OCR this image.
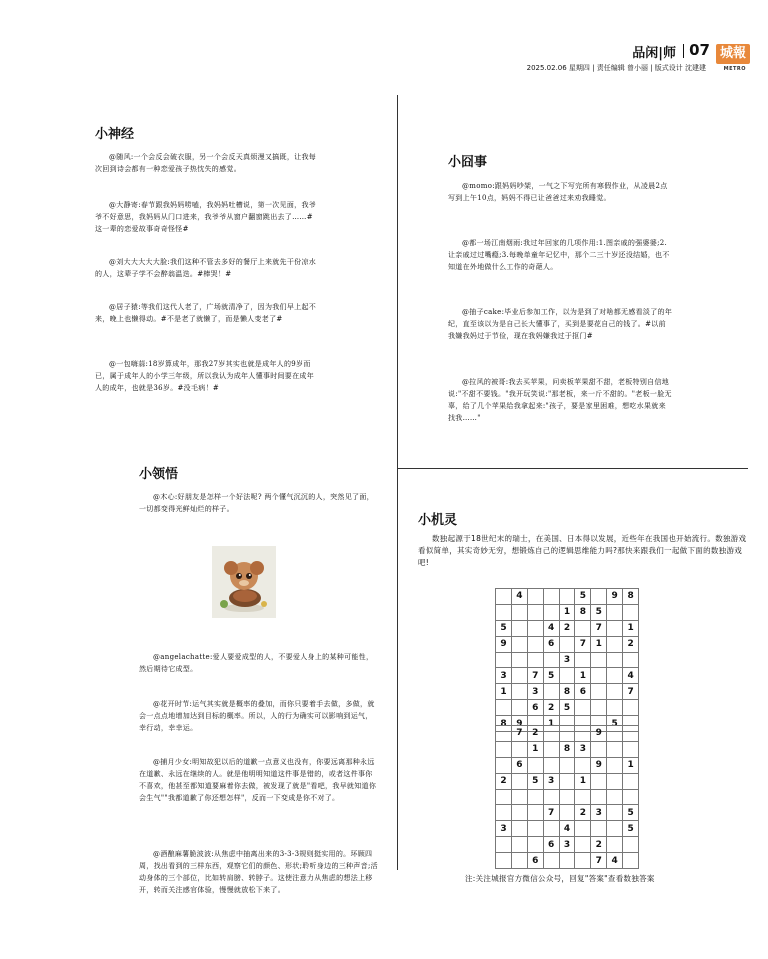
品闲|师 07 城報
METRO
2025.02.06 星期四 | 责任编辑 曾小丽 | 版式设计 沈建建
小神经
@随风:一个会反会破衣服，另一个会反天真烦漫又搞既，让我每次回到诗会都有一种恋爱孩子热忱失的感觉。
@大静寄:春节跟我妈妈唠嗑，我妈妈吐槽说，第一次见面，我爷爷不好意思，我妈妈从门口进来，我爷爷从窗户翻窗跳出去了……#这一辈的恋爱故事奇奇怪怪#
@刘大大大大大脸:我们这种不管去多好的餐厅上来就先干份凉水的人，这辈子学不会醉翁温迭。#棒哭！#
@居子猿:等我们这代人老了，广场就清净了，因为我们早上起不来，晚上也懒得动。#不是老了就懒了，而是懒人变老了#
@一包嗨蒜:18岁算成年，那我27岁其实也就是成年人的9岁而已，属于成年人的小学三年级，所以我认为成年人懂事时间要在成年人的成年，也就是36岁。#没毛病！#
小囧事
@momo:跟妈妈吵架，一气之下写完所有寒假作业，从凌晨2点写到上午10点，妈妈不得已让爸爸过来劝我睡觉。
@都一场江南烟雨:我过年回家的几项作用:1.图亲戚的强婆婆;2.让亲戚过过嘴瘾;3.每晚单童年记忆中，那个二三十岁还没结婚，也不知道在外地做什么工作的奇葩人。
@抽子cake:毕业后参加工作，以为是到了对啥都无感看淡了的年纪，直至该以为是自己长大懂事了，买到是要花自己的钱了。#以前我嫌我妈过于节俭，现在我妈嫌我过于抠门#
@拉风的被哥:我去买苹果，问卖板苹果甜不甜，老板特别自信地说:"不甜不要钱。"我开玩笑说:"那老板，来一斤不甜的。"老板一脸无辜，给了几个苹果给我拿起来:"孩子，要是家里困难，想吃水果就来找我……"
小领悟
@木心:好朋友是怎样一个好法呢? 两个懂气沉沉的人，突然见了面，一切都变得光鲜灿烂的样子。
@angelachatte:爱人要爱成型的人，不要爱人身上的某种可能性，然后期待它成型。
@花开时节:运气其实就是概率的叠加，而你只要着手去做，多做，就会一点点地增加达到目标的概率。所以，人的行为确实可以影响到运气，幸行动，幸幸运。
@捕月少女:明知故犯以后的道歉一点意义也没有，你要远离那种永远在道歉、永远在继续的人。就是他明明知道这件事是错的，或者这件事你不喜欢，他甚至都知道要麻着你去做，被发现了就是"看吧，我早就知道你会生气""我都道歉了你还想怎样"，反而一下变成是你不对了。
@酒酿麻薯脆波波:从焦虑中抽离出来的3-3-3规则挺实用的。环顾四周，找出看到的三样东西，观察它们的颜色、形状;聆听身边的三种声音;活动身体的三个部位，比如转肩膀、转脖子。这使注意力从焦虑的想法上移开，转而关注感官体验，慢慢就放松下来了。
小机灵
数独起源于18世纪末的瑞士，在美国、日本得以发展，近些年在我国也开始流行。数独游戏看似简单，其实奇妙无穷，想锻炼自己的逻辑思维能力吗?那快来跟我们一起做下面的数独游戏吧!
	4				5		9	8
				1	8	5		
5			4	2		7		1
9			6		7	1		2
				3				
3		7	5		1			4
1		3		8	6			7
		6	2	5				
8	9		1				5	
	7	2				9		
		1		8	3			
	6					9		1
2		5	3		1			

			7		2	3		5
3				4				5
			6	3		2		
		6				7	4	
注:关注城报官方微信公众号，回复"答案"查看数独答案
